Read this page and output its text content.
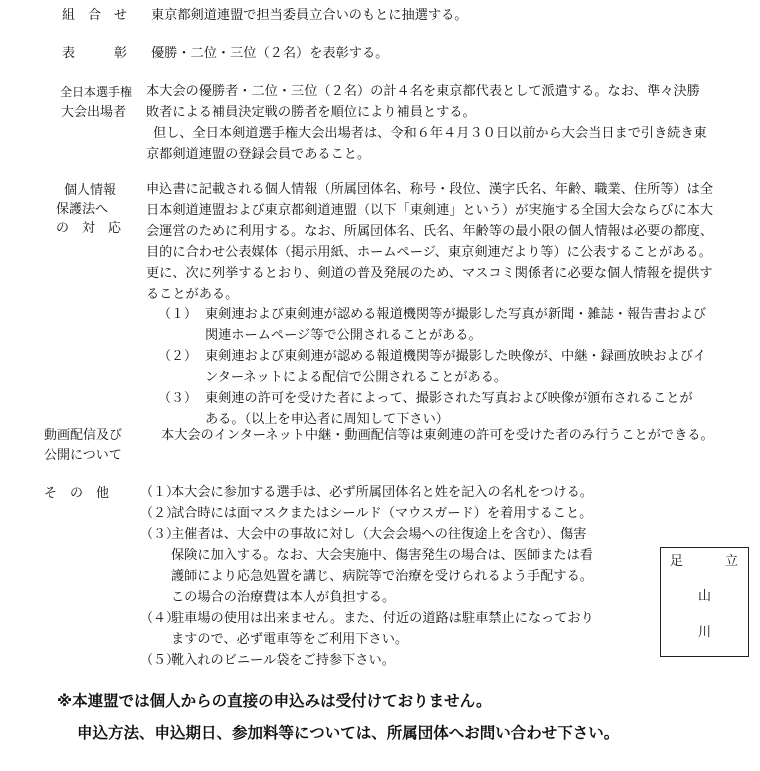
組　合　せ 東京都剣道連盟で担当委員立合いのもとに抽選する。
表　　　彰 優勝・二位・三位（２名）を表彰する。
全日本選手権
大会出場者
本大会の優勝者・二位・三位（２名）の計４名を東京都代表として派遣する。なお、準々決勝
敗者による補員決定戦の勝者を順位により補員とする。
但し、全日本剣道選手権大会出場者は、令和６年４月３０日以前から大会当日まで引き続き東
京都剣道連盟の登録会員であること。
個人情報
保護法へ
の　対　応
申込書に記載される個人情報（所属団体名、称号・段位、漢字氏名、年齢、職業、住所等）は全
日本剣道連盟および東京都剣道連盟（以下「東剣連」という）が実施する全国大会ならびに本大
会運営のために利用する。なお、所属団体名、氏名、年齢等の最小限の個人情報は必要の都度、
目的に合わせ公表媒体（掲示用紙、ホームページ、東京剣連だより等）に公表することがある。
更に、次に列挙するとおり、剣道の普及発展のため、マスコミ関係者に必要な個人情報を提供す
ることがある。
（１） 東剣連および東剣連が認める報道機関等が撮影した写真が新聞・雑誌・報告書および
関連ホームページ等で公開されることがある。
（２） 東剣連および東剣連が認める報道機関等が撮影した映像が、中継・録画放映およびイ
ンターネットによる配信で公開されることがある。
（３） 東剣連の許可を受けた者によって、撮影された写真および映像が頒布されることが
ある。（以上を申込者に周知して下さい）
動画配信及び
公開について
本大会のインターネット中継・動画配信等は東剣連の許可を受けた者のみ行うことができる。
そ　の　他 （１）
本大会に参加する選手は、必ず所属団体名と姓を記入の名札をつける。
（２）
試合時には面マスクまたはシールド（マウスガード）を着用すること。
（３）
主催者は、大会中の事故に対し（大会会場への往復途上を含む）、傷害
保険に加入する。なお、大会実施中、傷害発生の場合は、医師または看
護師により応急処置を講じ、病院等で治療を受けられるよう手配する。
この場合の治療費は本人が負担する。
（４）
駐車場の使用は出来ません。また、付近の道路は駐車禁止になっており
ますので、必ず電車等をご利用下さい。
（５）
靴入れのビニール袋をご持参下さい。
足	立
山
川
※本連盟では個人からの直接の申込みは受付けておりません。
申込方法、申込期日、参加料等については、所属団体へお問い合わせ下さい。
